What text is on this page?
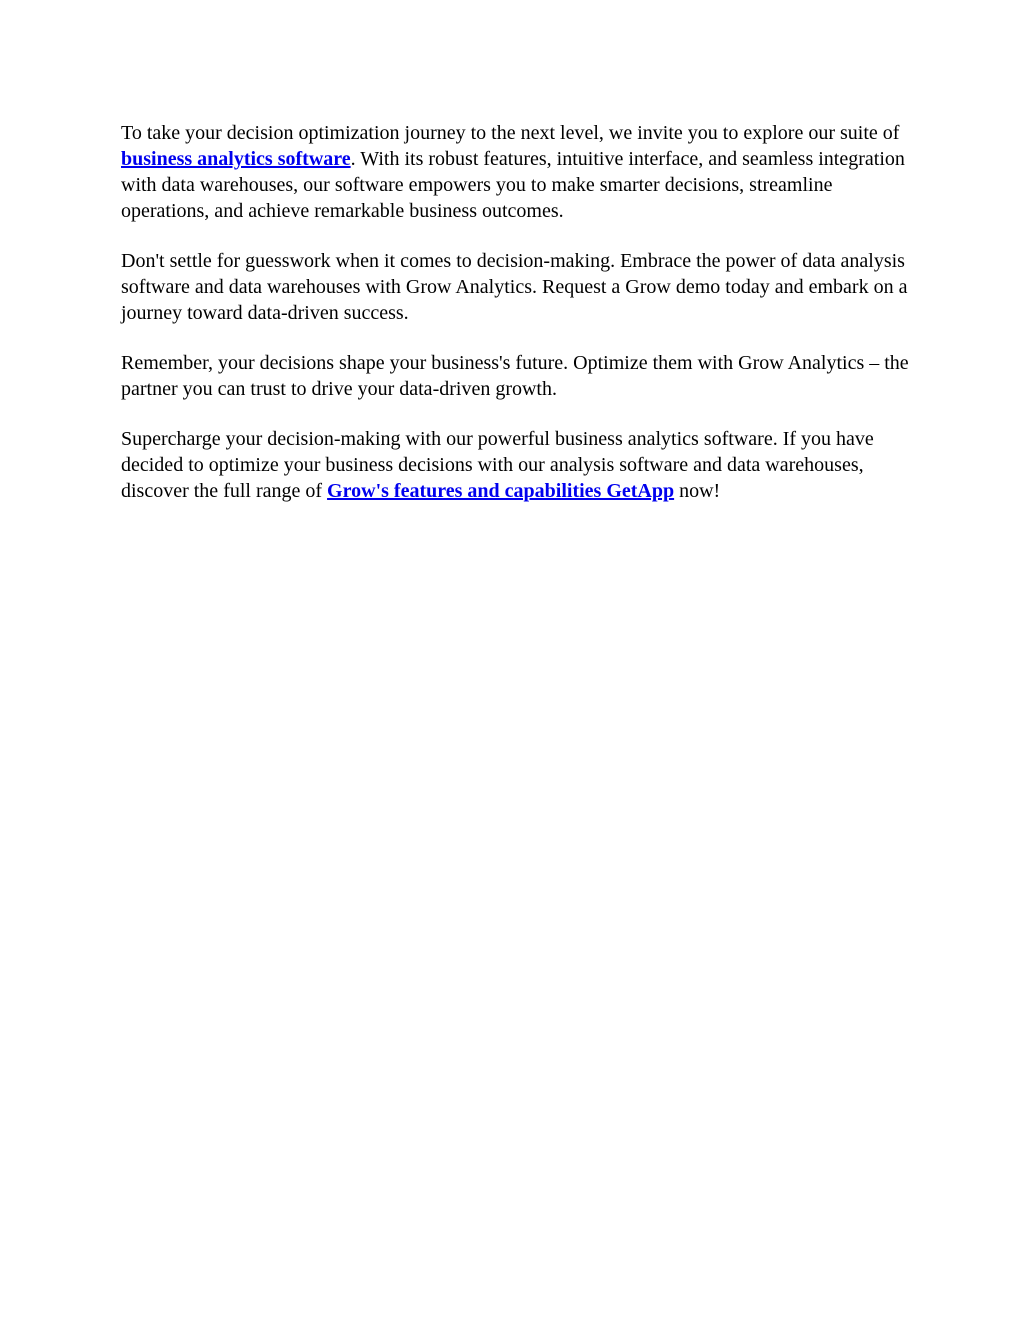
To take your decision optimization journey to the next level, we invite you to explore our suite of business analytics software. With its robust features, intuitive interface, and seamless integration with data warehouses, our software empowers you to make smarter decisions, streamline operations, and achieve remarkable business outcomes.

Don't settle for guesswork when it comes to decision-making. Embrace the power of data analysis software and data warehouses with Grow Analytics. Request a Grow demo today and embark on a journey toward data-driven success.

Remember, your decisions shape your business's future. Optimize them with Grow Analytics – the partner you can trust to drive your data-driven growth.

Supercharge your decision-making with our powerful business analytics software. If you have decided to optimize your business decisions with our analysis software and data warehouses, discover the full range of Grow's features and capabilities GetApp now!
